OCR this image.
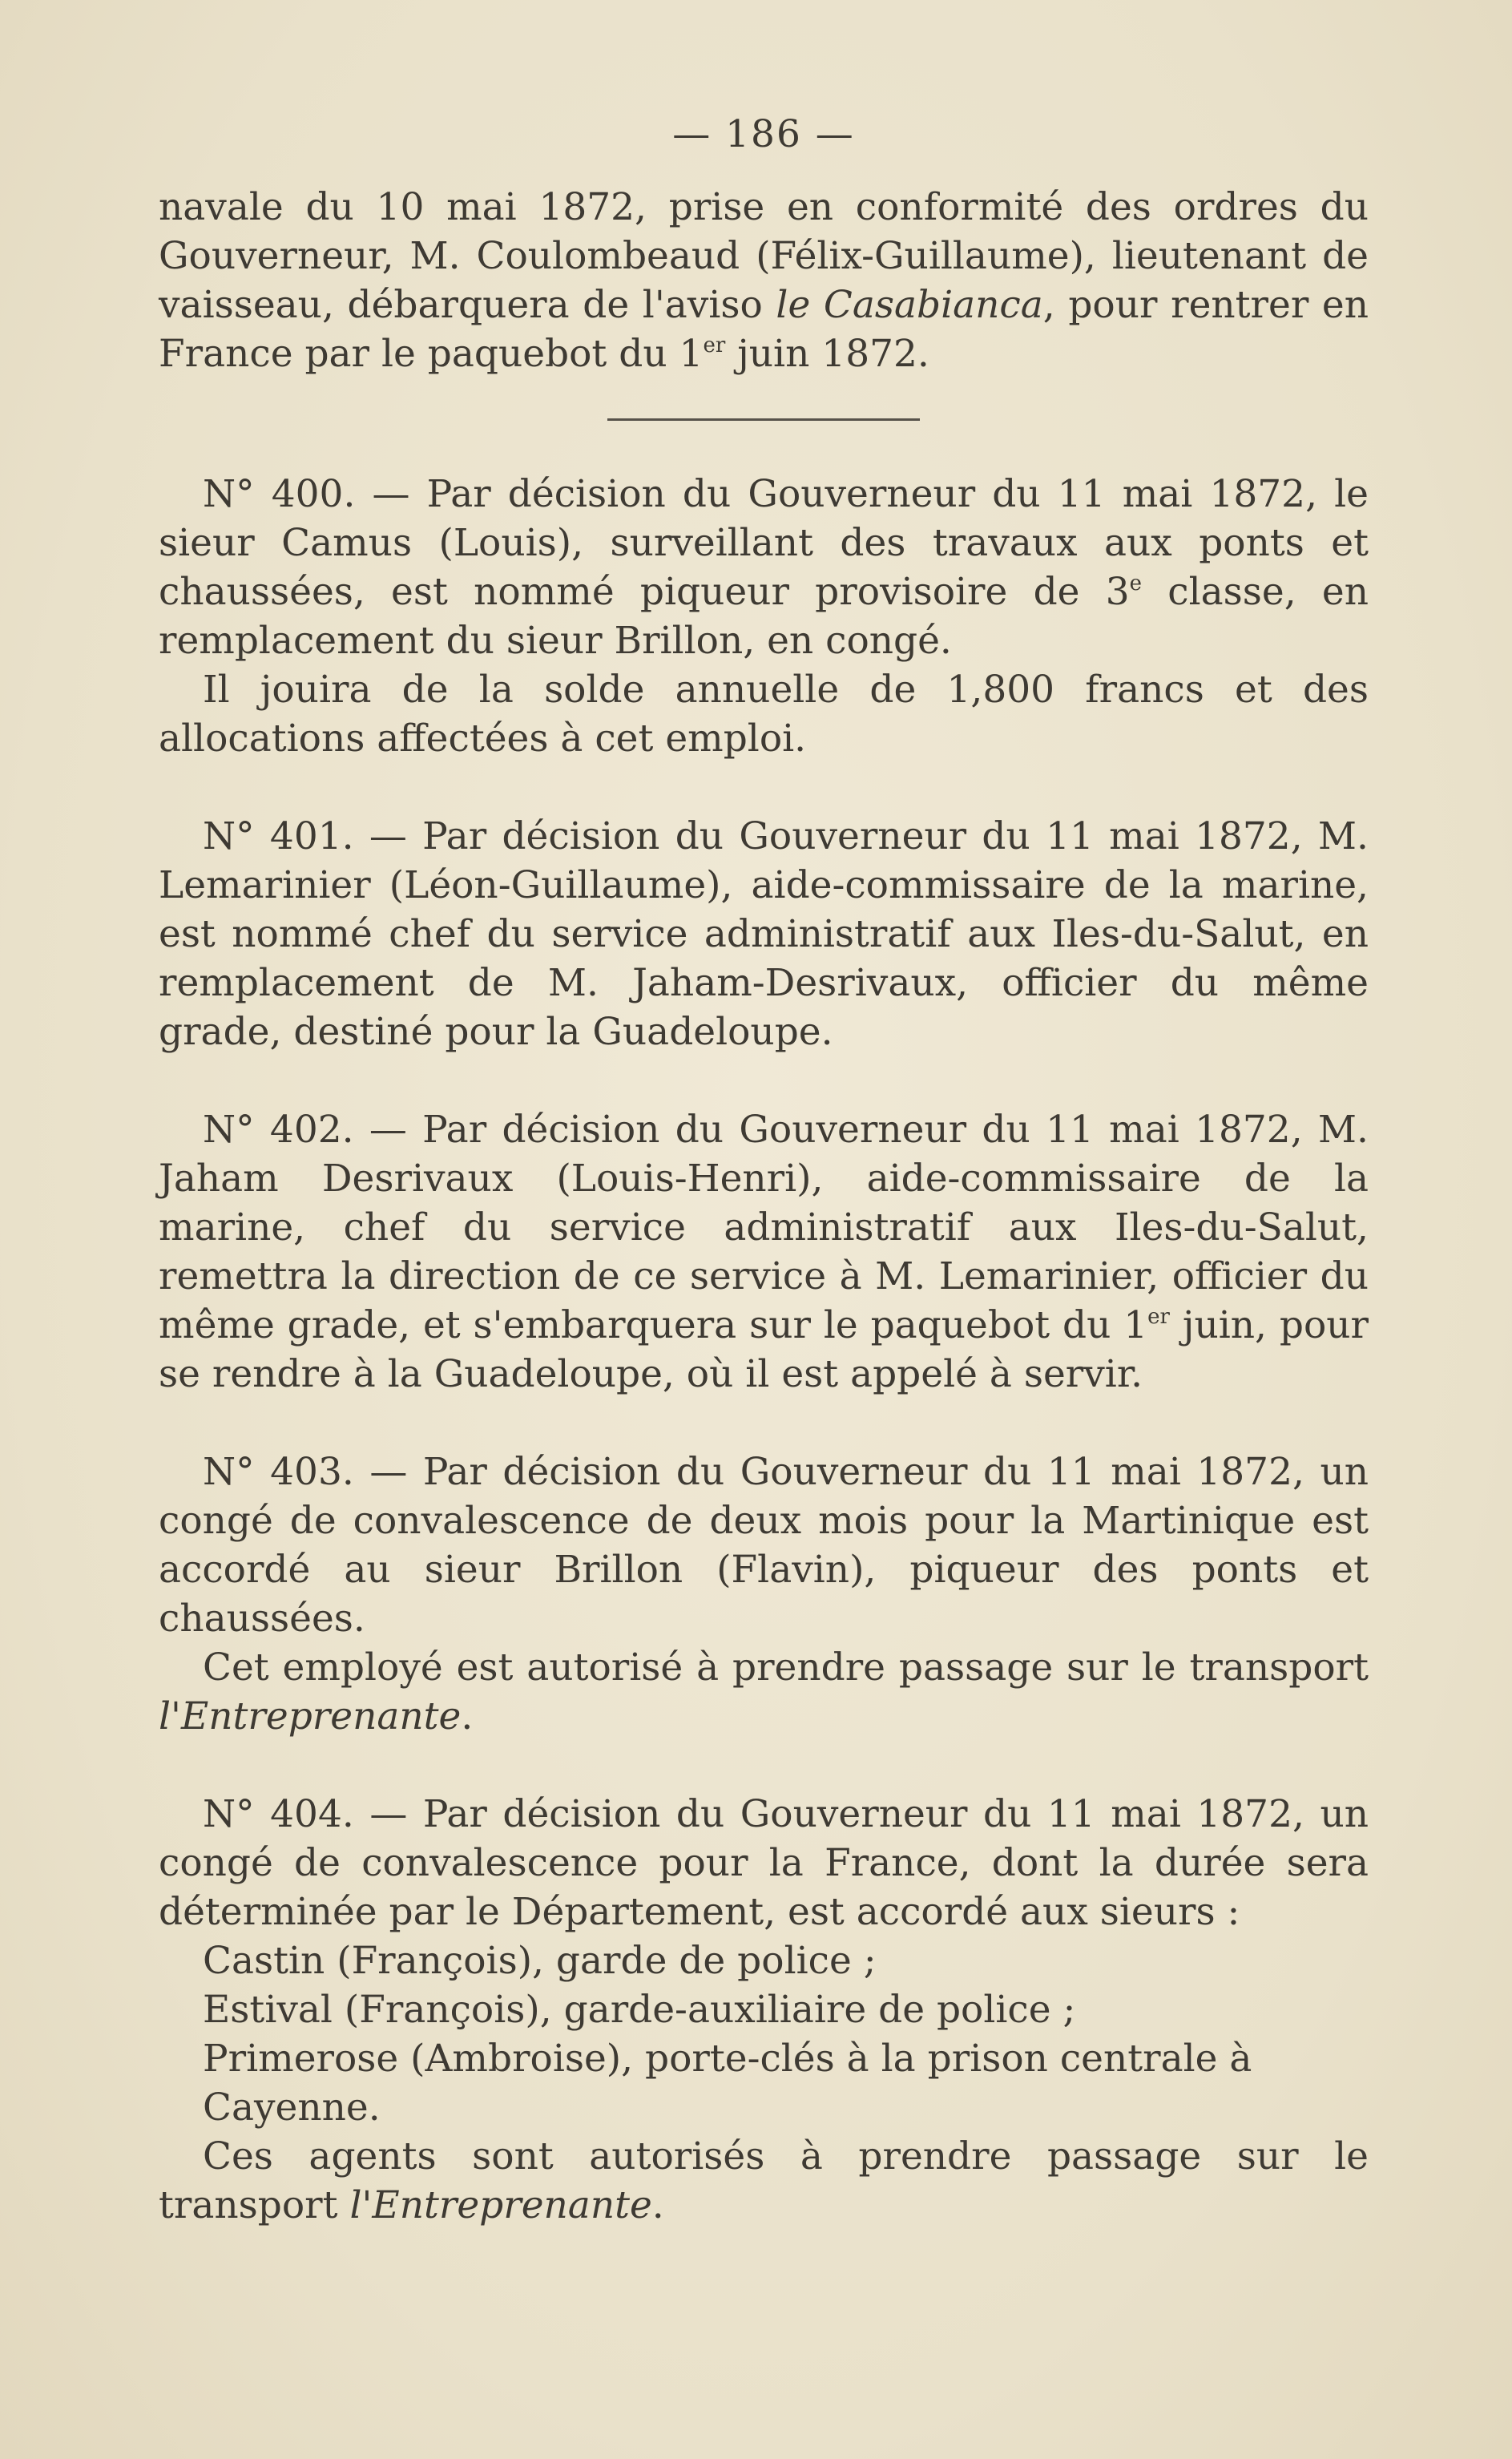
— 186 —

navale du 10 mai 1872, prise en conformité des ordres du Gouverneur, M. Coulombeaud (Félix-Guillaume), lieutenant de vaisseau, débarquera de l'aviso le Casabianca, pour rentrer en France par le paquebot du 1er juin 1872.

N° 400. — Par décision du Gouverneur du 11 mai 1872, le sieur Camus (Louis), surveillant des travaux aux ponts et chaussées, est nommé piqueur provisoire de 3e classe, en remplacement du sieur Brillon, en congé.

Il jouira de la solde annuelle de 1,800 francs et des allocations affectées à cet emploi.

N° 401. — Par décision du Gouverneur du 11 mai 1872, M. Lemarinier (Léon-Guillaume), aide-commissaire de la marine, est nommé chef du service administratif aux Iles-du-Salut, en remplacement de M. Jaham-Desrivaux, officier du même grade, destiné pour la Guadeloupe.

N° 402. — Par décision du Gouverneur du 11 mai 1872, M. Jaham Desrivaux (Louis-Henri), aide-commissaire de la marine, chef du service administratif aux Iles-du-Salut, remettra la direction de ce service à M. Lemarinier, officier du même grade, et s'embarquera sur le paquebot du 1er juin, pour se rendre à la Guadeloupe, où il est appelé à servir.

N° 403. — Par décision du Gouverneur du 11 mai 1872, un congé de convalescence de deux mois pour la Martinique est accordé au sieur Brillon (Flavin), piqueur des ponts et chaussées.

Cet employé est autorisé à prendre passage sur le transport l'Entreprenante.

N° 404. — Par décision du Gouverneur du 11 mai 1872, un congé de convalescence pour la France, dont la durée sera déterminée par le Département, est accordé aux sieurs :

Castin (François), garde de police ;

Estival (François), garde-auxiliaire de police ;

Primerose (Ambroise), porte-clés à la prison centrale à Cayenne.

Ces agents sont autorisés à prendre passage sur le transport l'Entreprenante.
